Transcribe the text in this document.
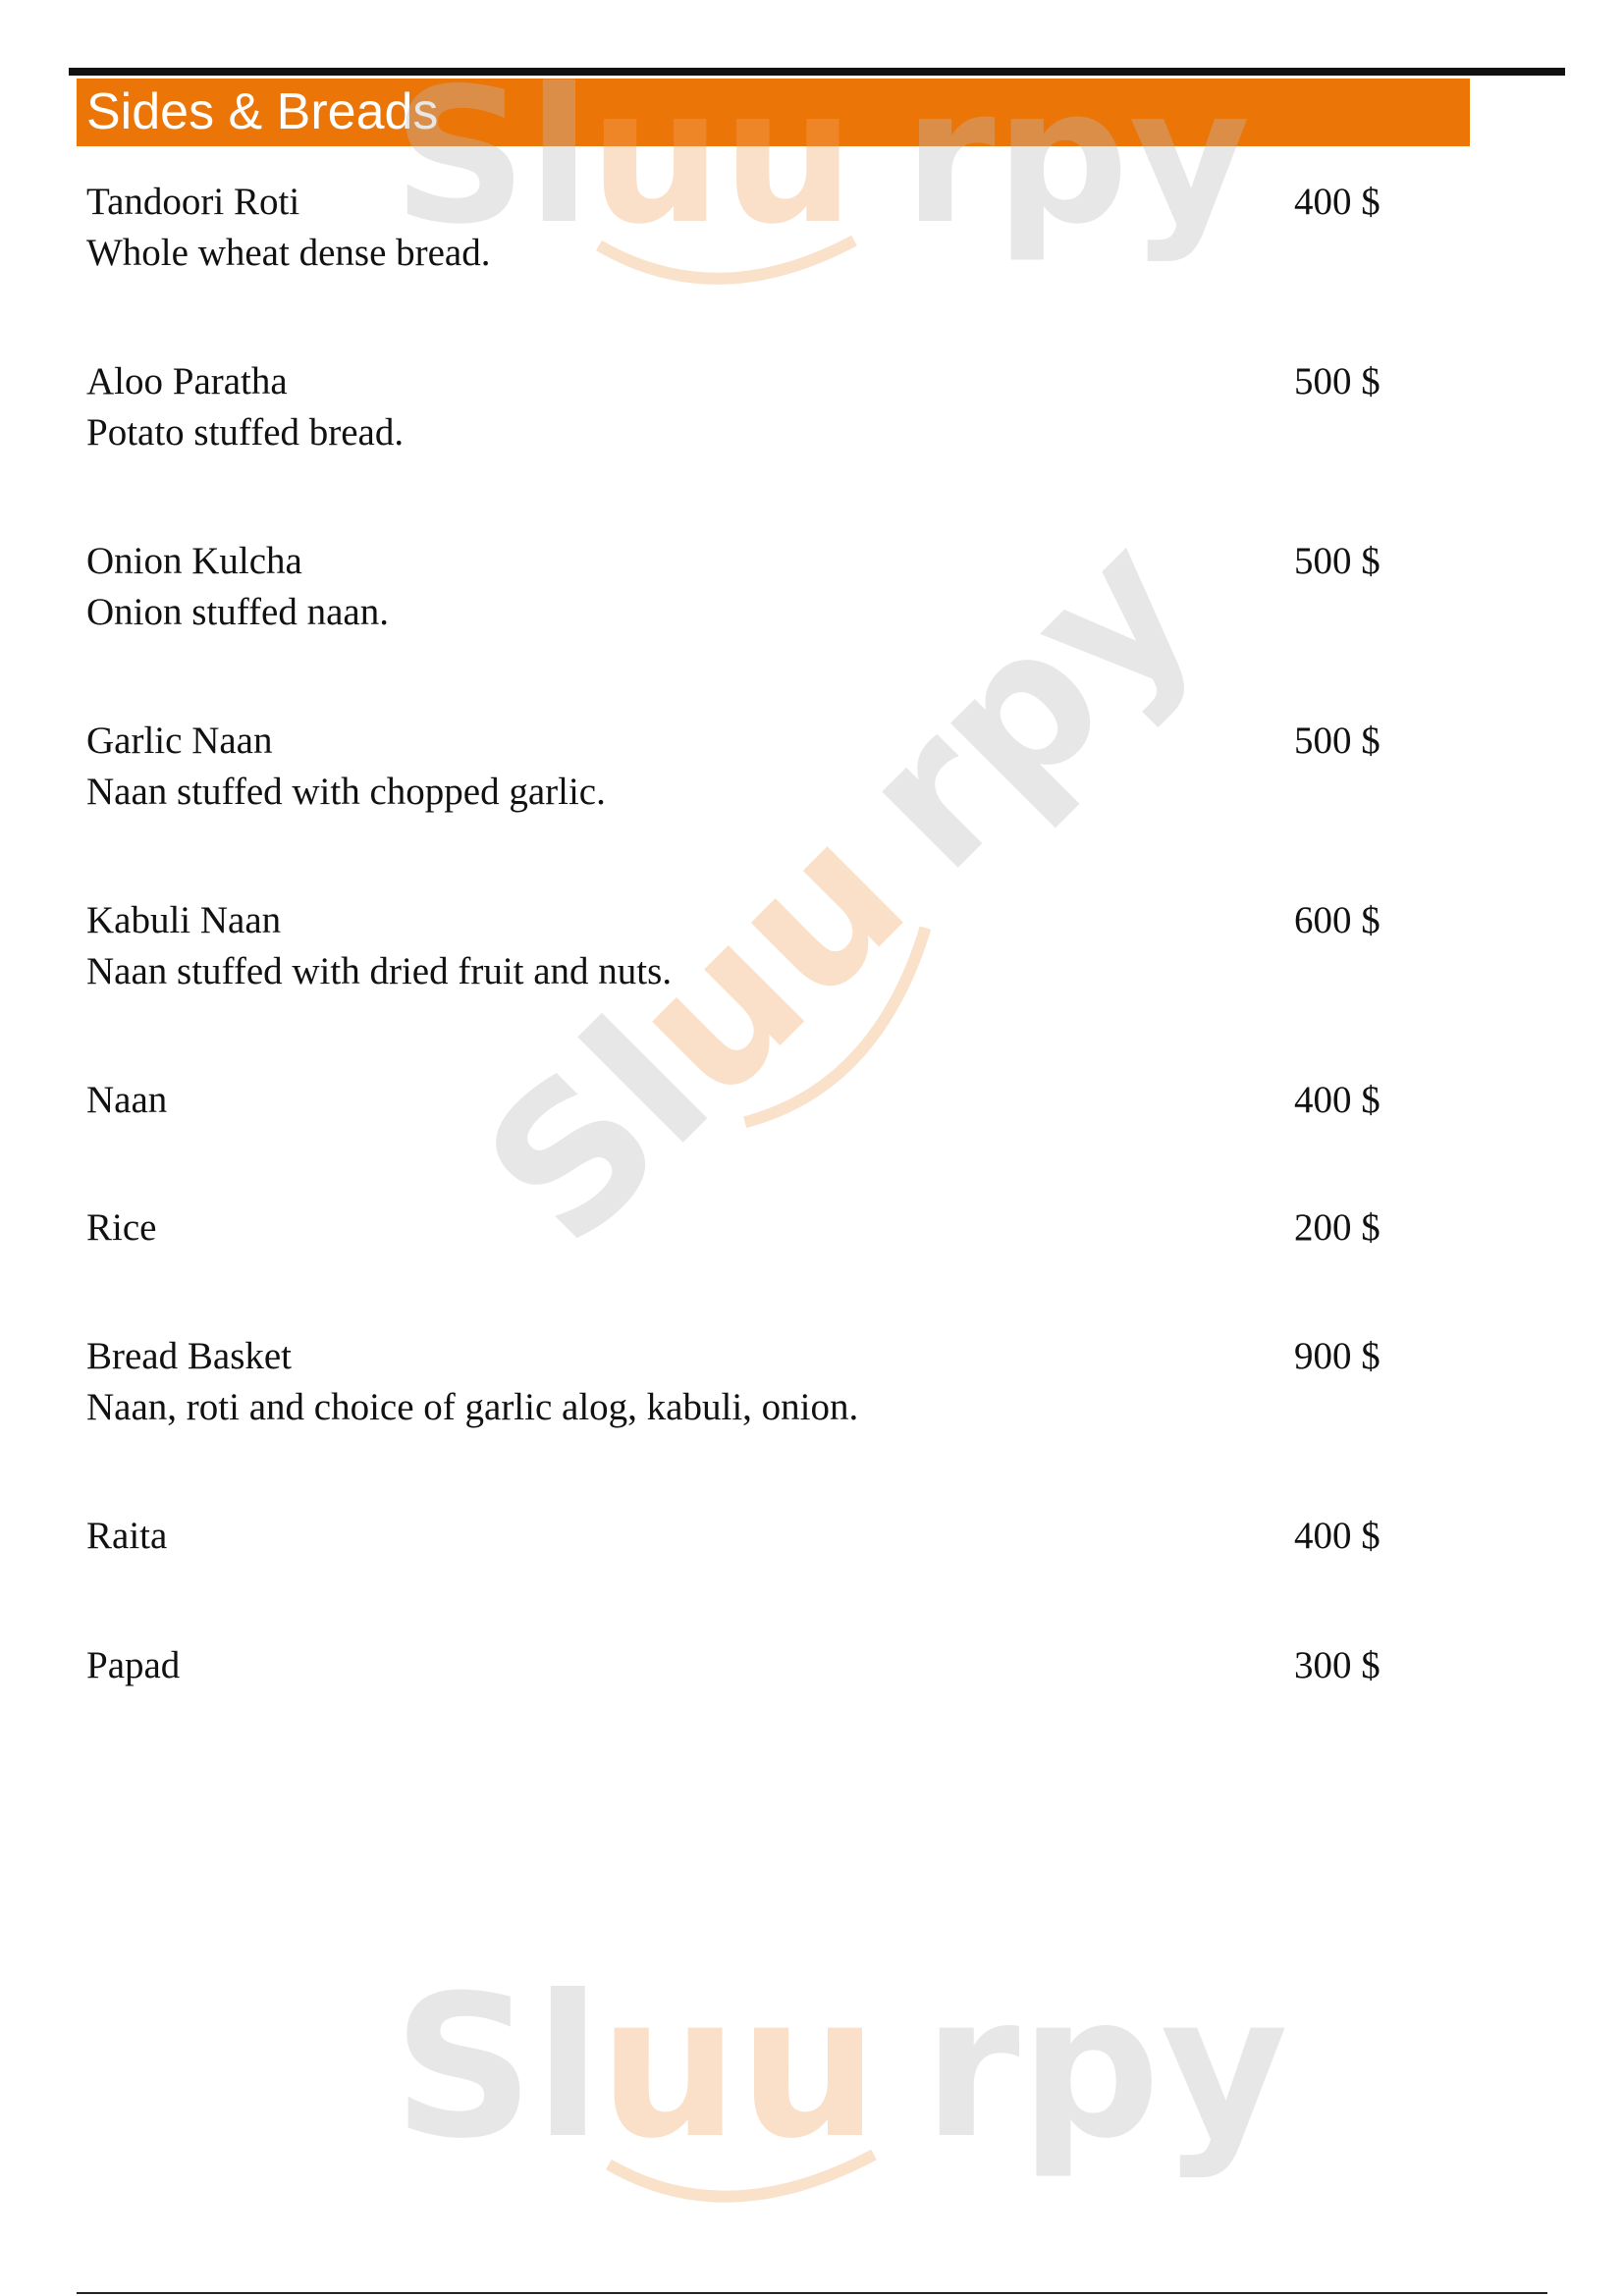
Sides & Breads
Sl
uu rpy
Sl
uu
rpy
Sl
uu rpy
Tandoori Roti
Whole wheat dense bread.
400 $
Aloo Paratha
Potato stuffed bread.
500 $
Onion Kulcha
Onion stuffed naan.
500 $
Garlic Naan
Naan stuffed with chopped garlic.
500 $
Kabuli Naan
Naan stuffed with dried fruit and nuts.
600 $
Naan	400 $
Rice	200 $
Bread Basket
Naan, roti and choice of garlic alog, kabuli, onion.
900 $
Raita	400 $
Papad	300 $
